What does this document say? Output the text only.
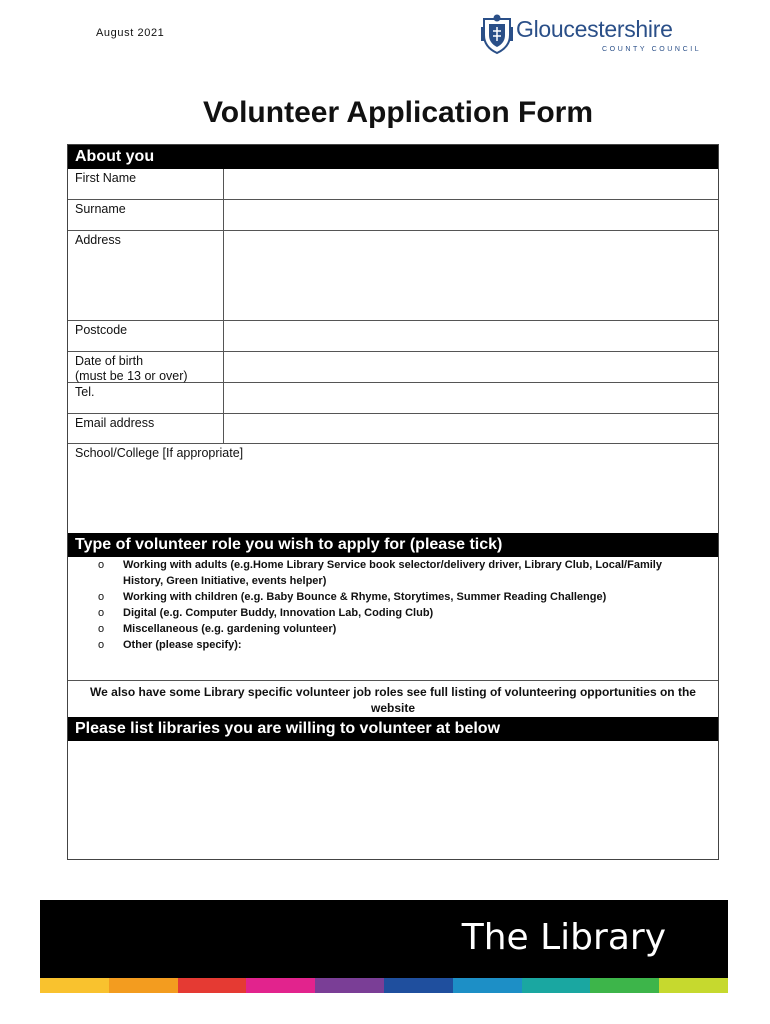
August 2021	Gloucestershire
COUNTY COUNCIL
Volunteer Application Form
About you
First Name
Surname
Address
Postcode
Date of birth
(must be 13 or over)
Tel.
Email address
School/College [If appropriate]
Type of volunteer role you wish to apply for (please tick)
o Working with adults (e.g.Home Library Service book selector/delivery driver, Library Club, Local/Family History, Green Initiative, events helper)
o Working with children (e.g. Baby Bounce & Rhyme, Storytimes, Summer Reading Challenge)
o Digital (e.g. Computer Buddy, Innovation Lab, Coding Club)
o Miscellaneous (e.g. gardening volunteer)
o Other (please specify):
We also have some Library specific volunteer job roles see full listing of volunteering opportunities on the website
Please list libraries you are willing to volunteer at below
The Library
